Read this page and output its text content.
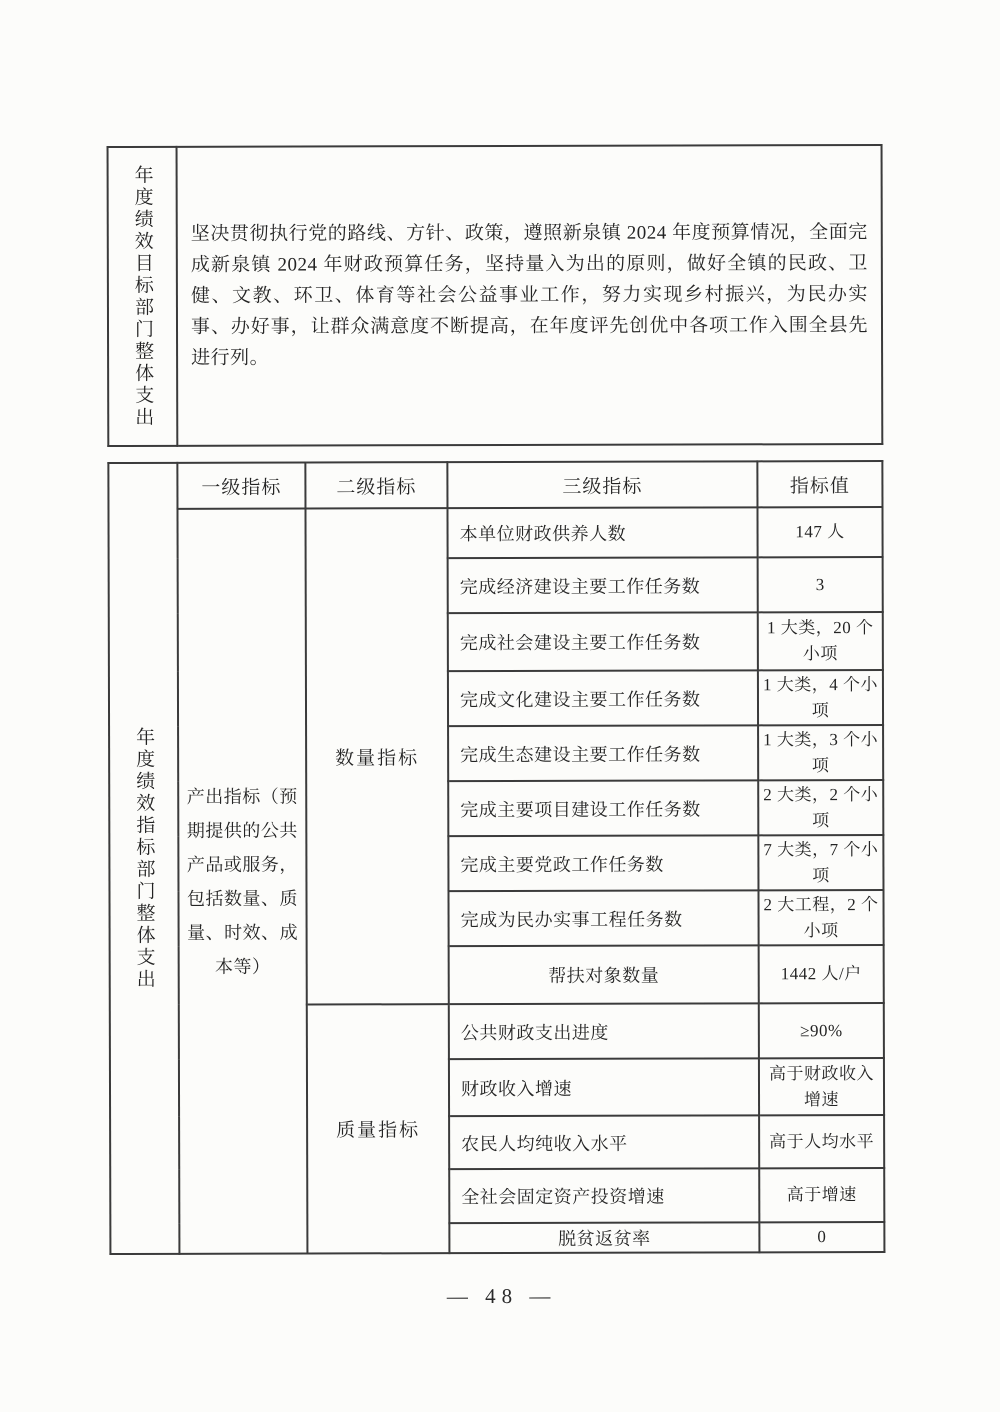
年度绩效目标部门整体支出	坚决贯彻执行党的路线、方针、政策，遵照新泉镇 2024 年度预算情况，全面完成新泉镇 2024 年财政预算任务，坚持量入为出的原则，做好全镇的民政、卫健、文教、环卫、体育等社会公益事业工作，努力实现乡村振兴，为民办实事、办好事，让群众满意度不断提高，在年度评先创优中各项工作入围全县先进行列。
年度绩效指标部门整体支出	一级指标	二级指标	三级指标	指标值
	产出指标（预期提供的公共产品或服务，包括数量、质量、时效、成本等）	数量指标	本单位财政供养人数	147 人
			完成经济建设主要工作任务数	3
			完成社会建设主要工作任务数	1 大类，20 个小项
			完成文化建设主要工作任务数	1 大类，4 个小项
			完成生态建设主要工作任务数	1 大类，3 个小项
			完成主要项目建设工作任务数	2 大类，2 个小项
			完成主要党政工作任务数	7 大类，7 个小项
			完成为民办实事工程任务数	2 大工程，2 个小项
			帮扶对象数量	1442 人/户
		质量指标	公共财政支出进度	≥90%
			财政收入增速	高于财政收入增速
			农民人均纯收入水平	高于人均水平
			全社会固定资产投资增速	高于增速
			脱贫返贫率	0
— 48 —
